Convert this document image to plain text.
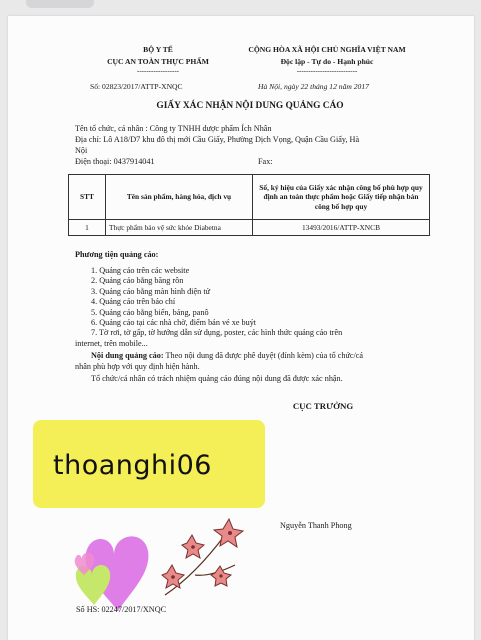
BỘ Y TẾ
CỤC AN TOÀN THỰC PHẨM
------------------
Số: 02823/2017/ATTP-XNQC
CỘNG HÒA XÃ HỘI CHỦ NGHĨA VIỆT NAM
Độc lập - Tự do - Hạnh phúc
--------------------------
Hà Nội, ngày 22 tháng 12 năm 2017
GIẤY XÁC NHẬN NỘI DUNG QUẢNG CÁO
Tên tổ chức, cá nhân : Công ty TNHH dược phẩm Ích Nhân
Địa chỉ: Lô A18/D7 khu đô thị mới Cầu Giấy, Phường Dịch Vọng, Quận Cầu Giấy, Hà
Nội
Điện thoại: 0437914041	Fax:
STT	Tên sản phẩm, hàng hóa, dịch vụ	Số, ký hiệu của Giấy xác nhận công bố phù hợp quy định an toàn thực phẩm hoặc Giấy tiếp nhận bản công bố hợp quy
1	Thực phẩm bảo vệ sức khỏe Diabetna	13493/2016/ATTP-XNCB
Phương tiện quảng cáo:
1. Quảng cáo trên các website
2. Quảng cáo bằng băng rôn
3. Quảng cáo bằng màn hình điện tử
4. Quảng cáo trên báo chí
5. Quảng cáo bằng biển, bảng, panô
6. Quảng cáo tại các nhà chờ, điểm bán vé xe buýt
7. Tờ rơi, tờ gấp, tờ hướng dẫn sử dụng, poster, các hình thức quảng cáo trên
internet, trên mobile...
Nội dung quảng cáo: Theo nội dung đã được phê duyệt (đính kèm) của tổ chức/cá
nhân phù hợp với quy định hiện hành.
Tổ chức/cá nhân có trách nhiệm quảng cáo đúng nội dung đã được xác nhận.
CỤC TRƯỞNG
Nguyễn Thanh Phong
thoanghi06
Số HS: 02247/2017/XNQC
